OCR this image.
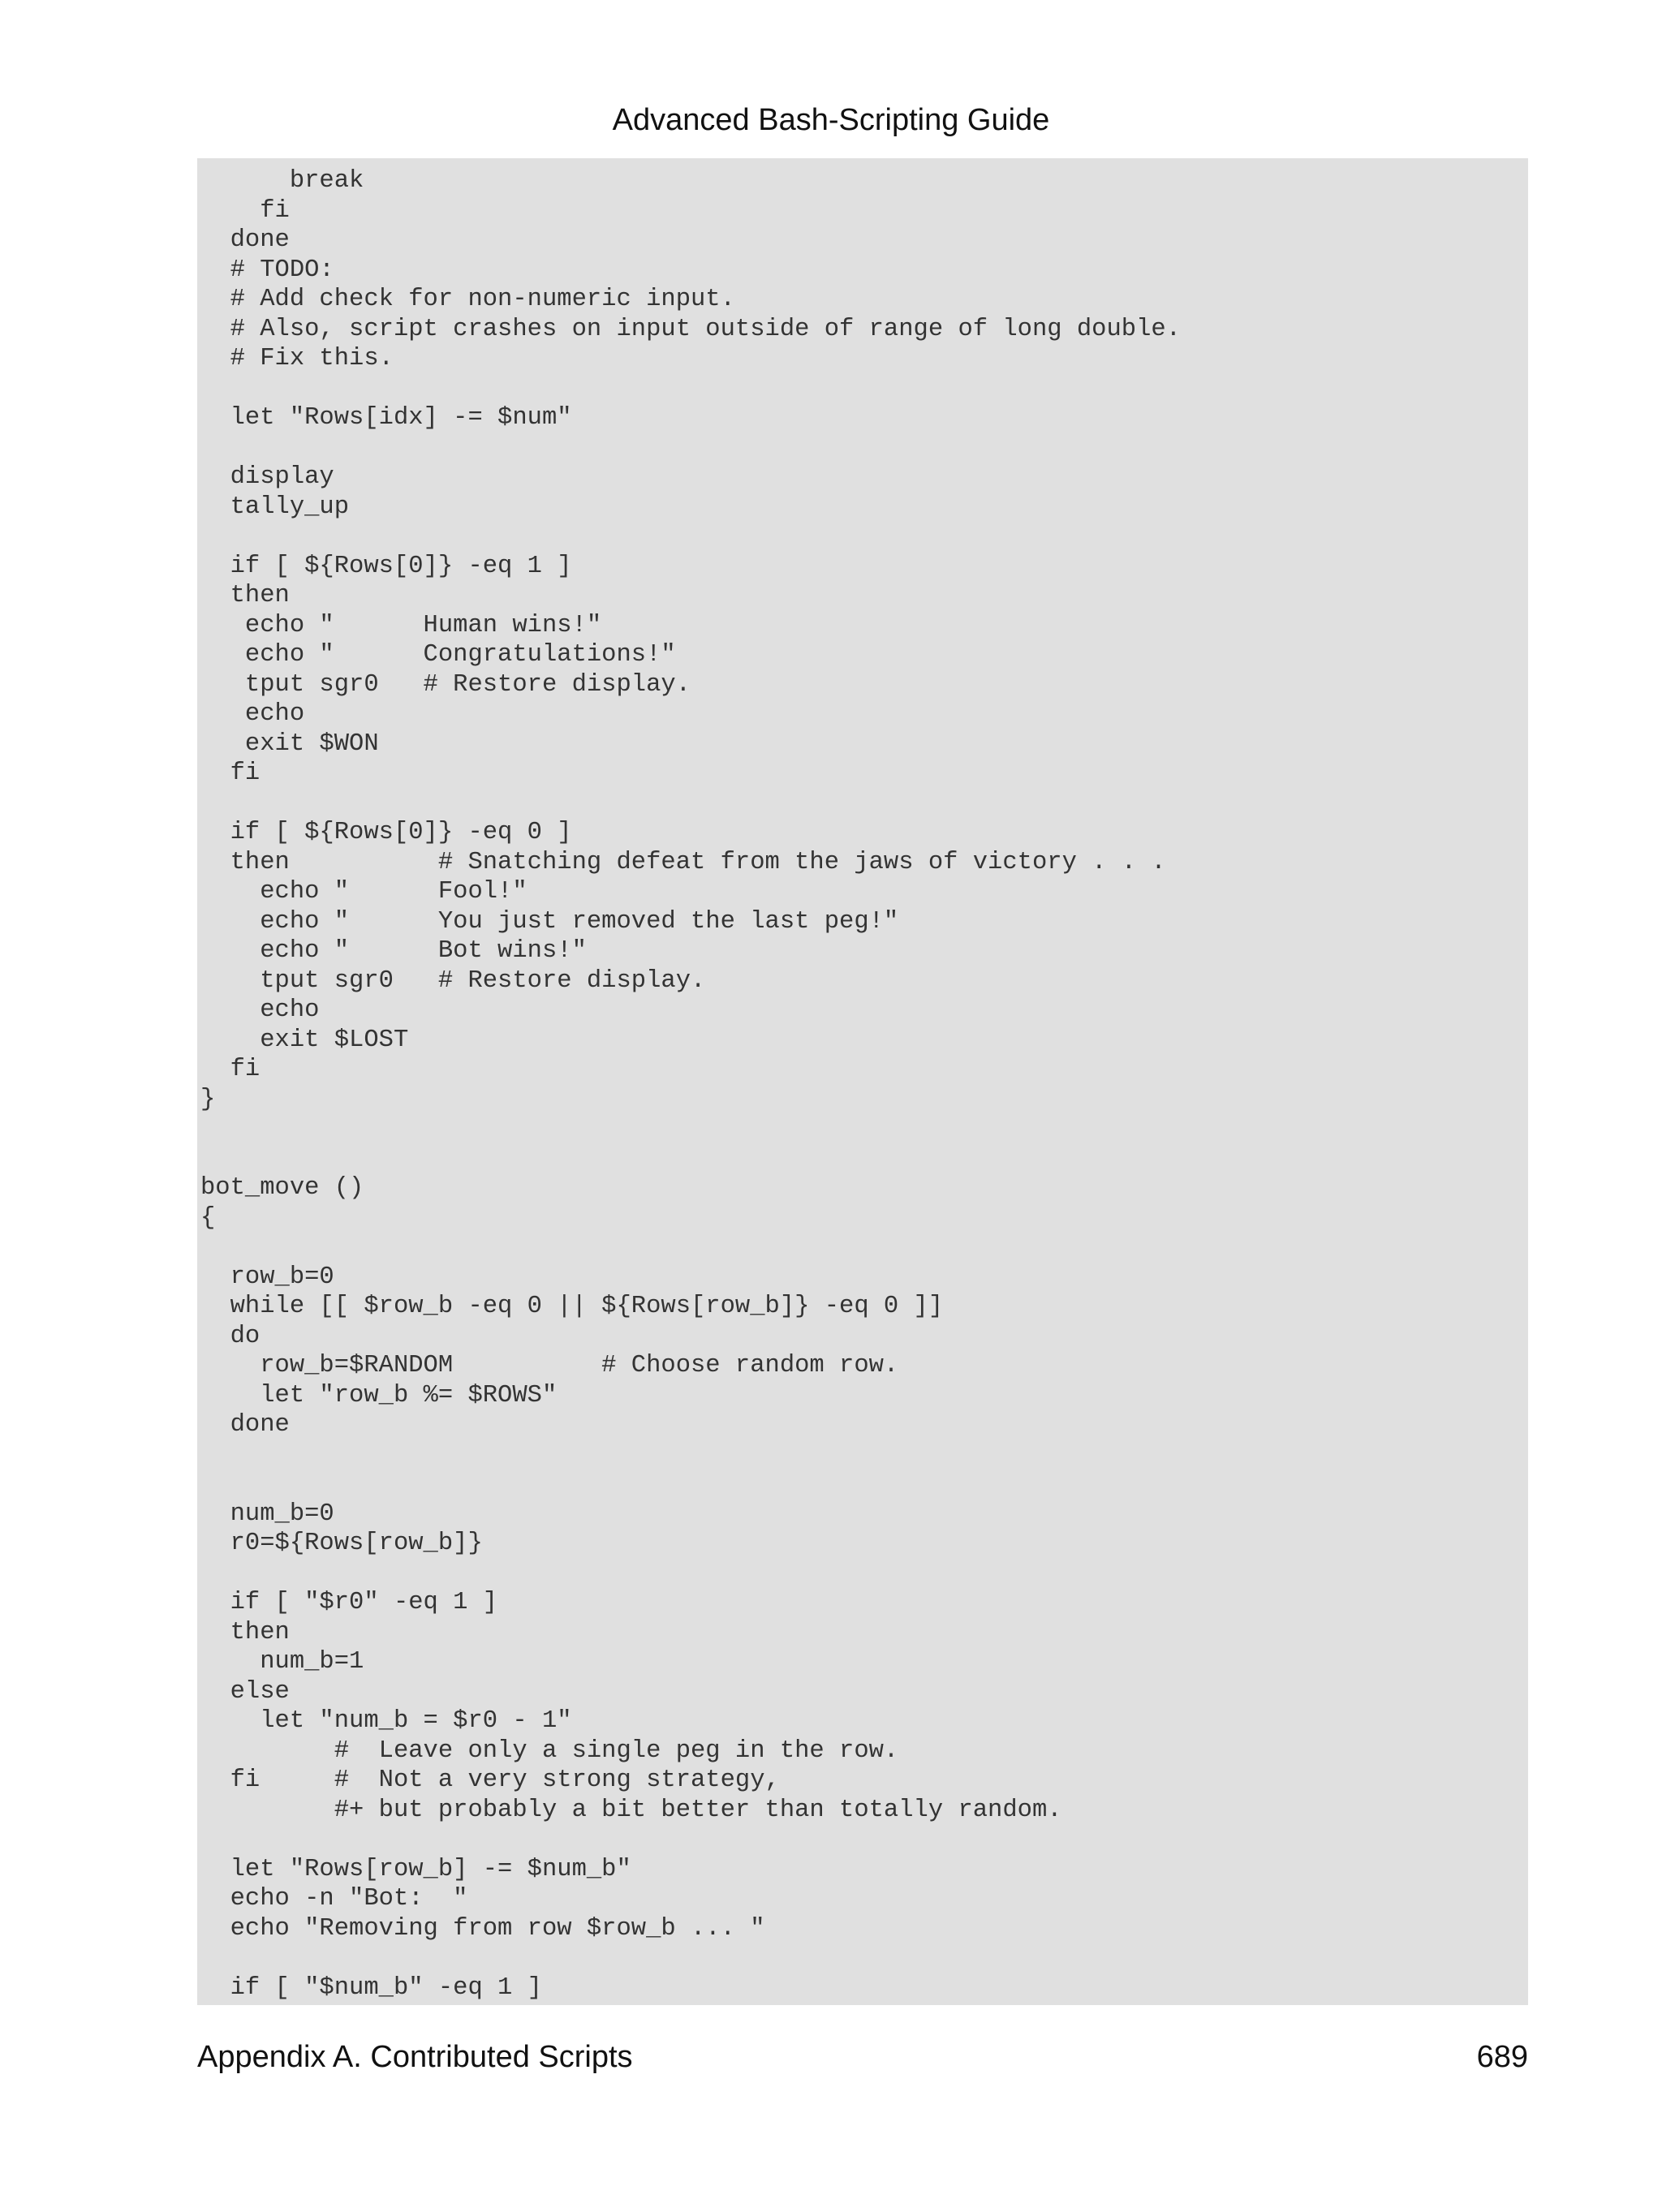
Advanced Bash-Scripting Guide
break
fi
done
# TODO:
# Add check for non-numeric input.
# Also, script crashes on input outside of range of long double.
# Fix this.

let "Rows[idx] -= $num"

display
tally_up

if [ ${Rows[0]} -eq 1 ]
then
echo "      Human wins!"
echo "      Congratulations!"
tput sgr0   # Restore display.
echo
exit $WON
fi

if [ ${Rows[0]} -eq 0 ]
then          # Snatching defeat from the jaws of victory . . .
echo "      Fool!"
echo "      You just removed the last peg!"
echo "      Bot wins!"
tput sgr0   # Restore display.
echo
exit $LOST
fi
}

bot_move ()
{

row_b=0
while [[ $row_b -eq 0 || ${Rows[row_b]} -eq 0 ]]
do
row_b=$RANDOM          # Choose random row.
let "row_b %= $ROWS"
done

num_b=0
r0=${Rows[row_b]}

if [ "$r0" -eq 1 ]
then
num_b=1
else
let "num_b = $r0 - 1"
#  Leave only a single peg in the row.
fi     #  Not a very strong strategy,
#+ but probably a bit better than totally random.

let "Rows[row_b] -= $num_b"
echo -n "Bot:  "
echo "Removing from row $row_b ... "

if [ "$num_b" -eq 1 ]
Appendix A. Contributed Scripts	689
